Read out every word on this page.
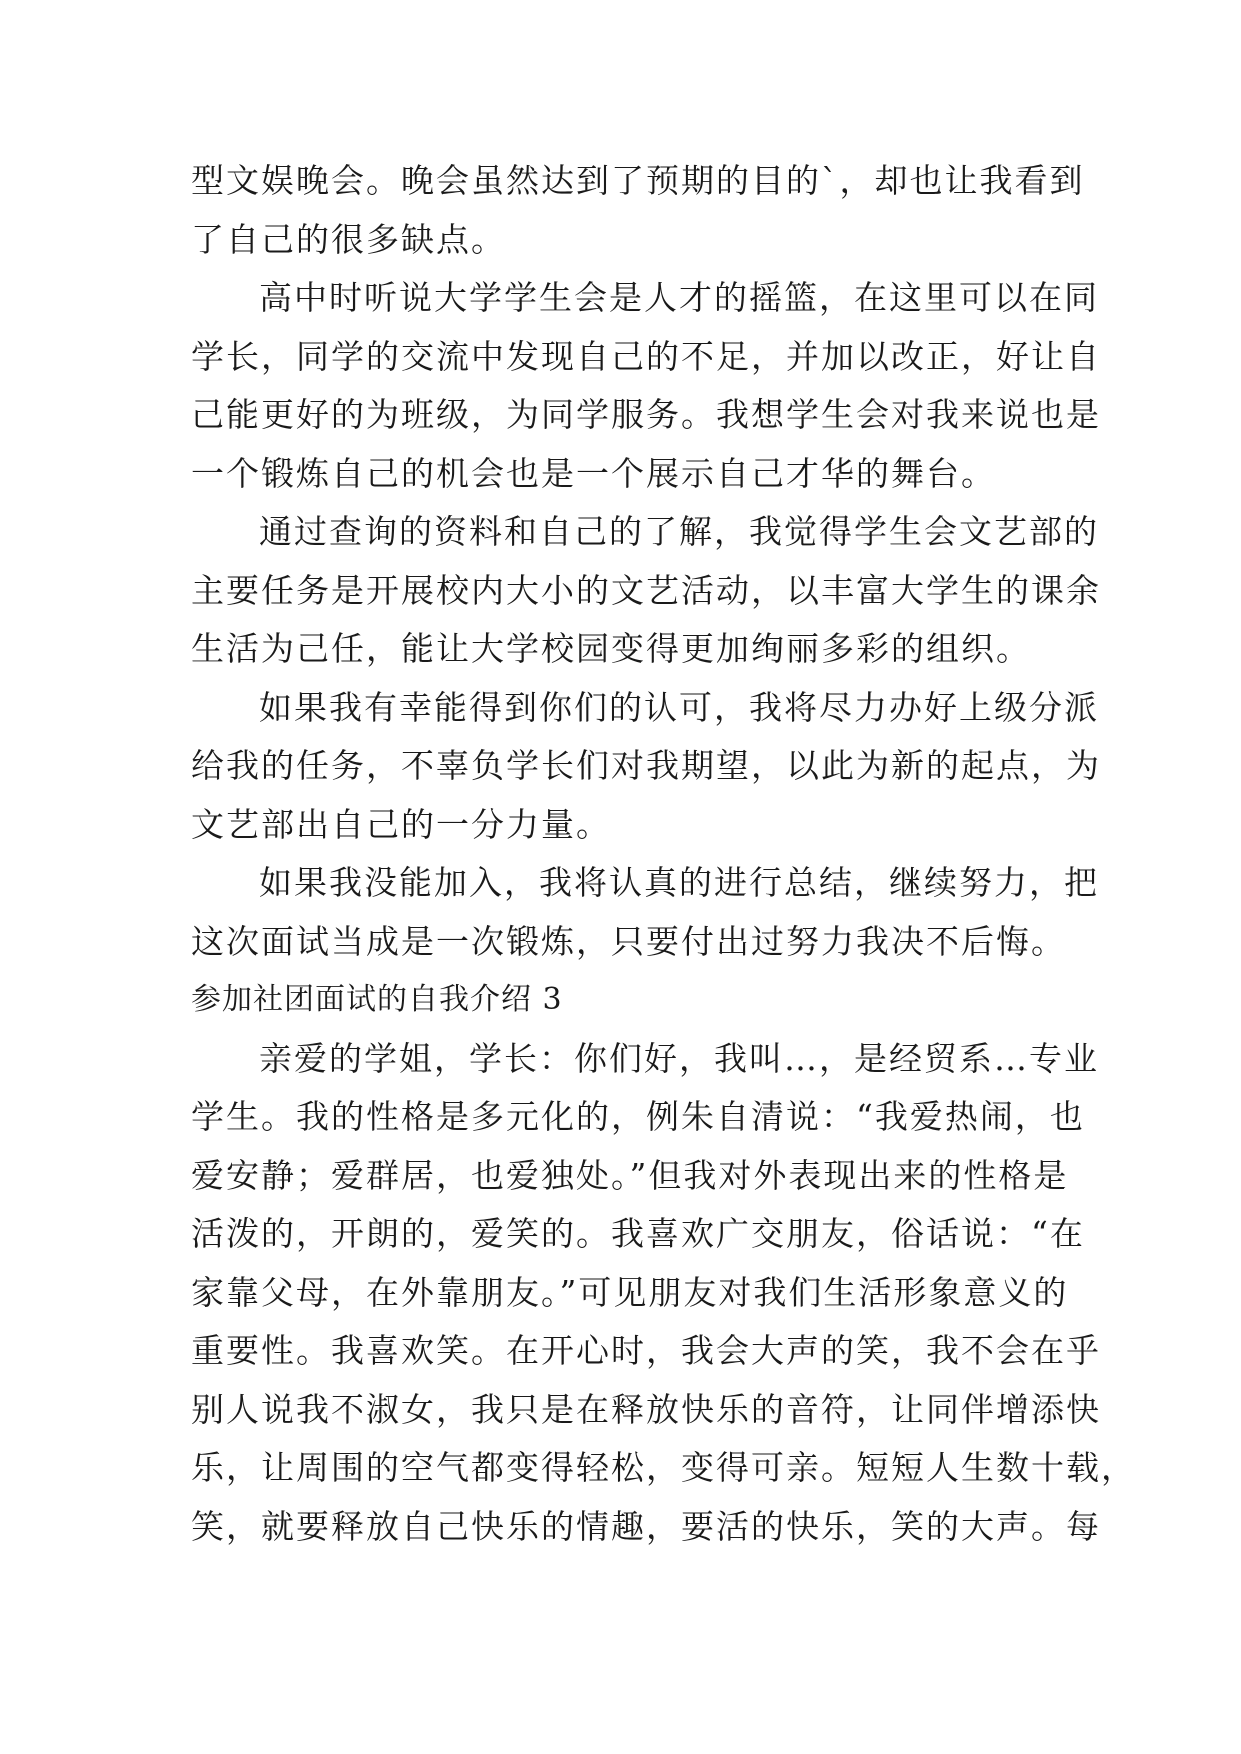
型文娱晚会。晚会虽然达到了预期的目的`，却也让我看到
了自己的很多缺点。
高中时听说大学学生会是人才的摇篮，在这里可以在同
学长，同学的交流中发现自己的不足，并加以改正，好让自
己能更好的为班级，为同学服务。我想学生会对我来说也是
一个锻炼自己的机会也是一个展示自己才华的舞台。
通过查询的资料和自己的了解，我觉得学生会文艺部的
主要任务是开展校内大小的文艺活动，以丰富大学生的课余
生活为己任，能让大学校园变得更加绚丽多彩的组织。
如果我有幸能得到你们的认可，我将尽力办好上级分派
给我的任务，不辜负学长们对我期望，以此为新的起点，为
文艺部出自己的一分力量。
如果我没能加入，我将认真的进行总结，继续努力，把
这次面试当成是一次锻炼，只要付出过努力我决不后悔。
参加社团面试的自我介绍 3
亲爱的学姐，学长：你们好，我叫…，是经贸系…专业
学生。我的性格是多元化的，例朱自清说：“我爱热闹，也
爱安静；爱群居，也爱独处。”但我对外表现出来的性格是
活泼的，开朗的，爱笑的。我喜欢广交朋友，俗话说：“在
家靠父母，在外靠朋友。”可见朋友对我们生活形象意义的
重要性。我喜欢笑。在开心时，我会大声的笑，我不会在乎
别人说我不淑女，我只是在释放快乐的音符，让同伴增添快
乐，让周围的空气都变得轻松，变得可亲。短短人生数十载，
笑，就要释放自己快乐的情趣，要活的快乐，笑的大声。每
